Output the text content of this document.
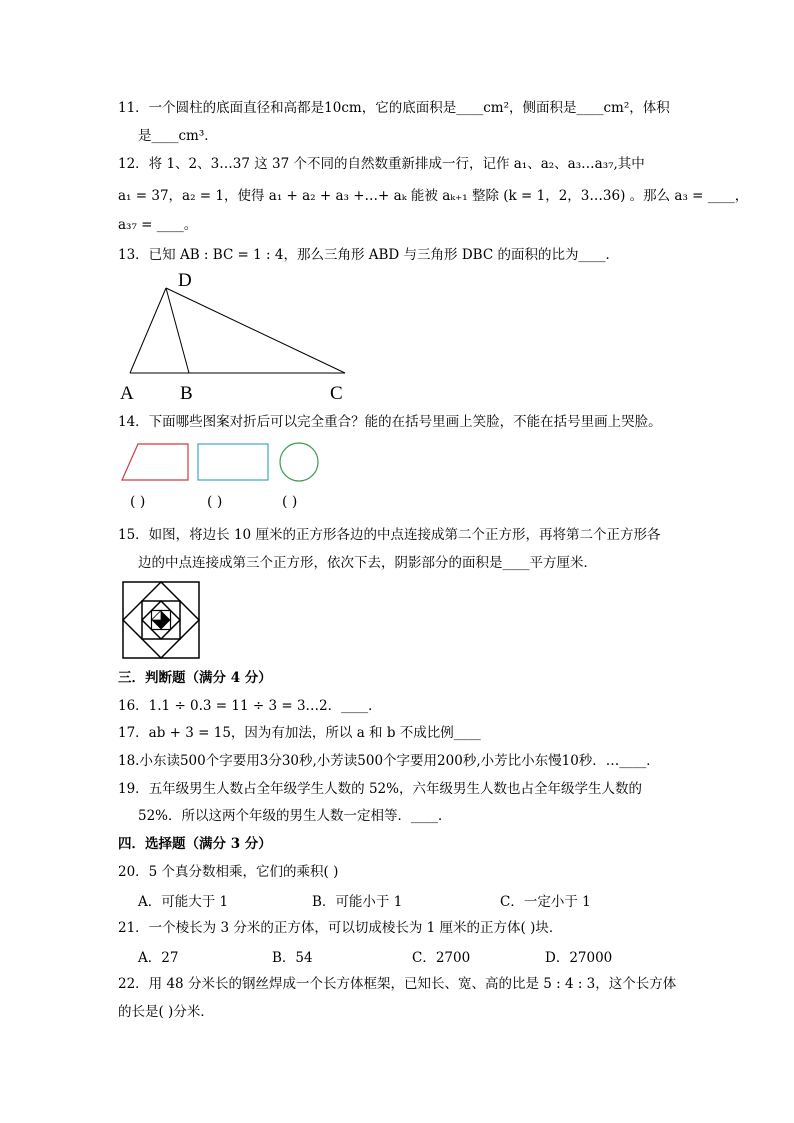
11．一个圆柱的底面直径和高都是10cm，它的底面积是____cm²，侧面积是____cm²，体积
是____cm³．
12．将 1、2、3…37 这 37 个不同的自然数重新排成一行，记作 a₁、a₂、a₃…a₃₇,其中
a₁ = 37，a₂ = 1，使得 a₁ + a₂ + a₃ +…+ aₖ 能被 aₖ₊₁ 整除 (k = 1，2，3…36) 。那么 a₃ = ____，
a₃₇ = ____。
13．已知 AB : BC = 1 : 4，那么三角形 ABD 与三角形 DBC 的面积的比为____．
D
A B	C
14．下面哪些图案对折后可以完全重合？能的在括号里画上笑脸，不能在括号里画上哭脸。
( )	( )	( )
15．如图，将边长 10 厘米的正方形各边的中点连接成第二个正方形，再将第二个正方形各
边的中点连接成第三个正方形，依次下去，阴影部分的面积是____平方厘米．
三．判断题（满分 4 分）
16．1.1 ÷ 0.3 = 11 ÷ 3 = 3…2．____．
17．ab + 3 = 15，因为有加法，所以 a 和 b 不成比例____
18.小东读500个字要用3分30秒,小芳读500个字要用200秒,小芳比小东慢10秒．…____．
19．五年级男生人数占全年级学生人数的 52%，六年级男生人数也占全年级学生人数的
52%．所以这两个年级的男生人数一定相等．____．
四．选择题（满分 3 分）
20．5 个真分数相乘，它们的乘积( )
A．可能大于 1	B．可能小于 1	C．一定小于 1
21．一个棱长为 3 分米的正方体，可以切成棱长为 1 厘米的正方体( )块．
A．27	B．54	C．2700	D．27000
22．用 48 分米长的钢丝焊成一个长方体框架，已知长、宽、高的比是 5 : 4 : 3，这个长方体
的长是( )分米．
